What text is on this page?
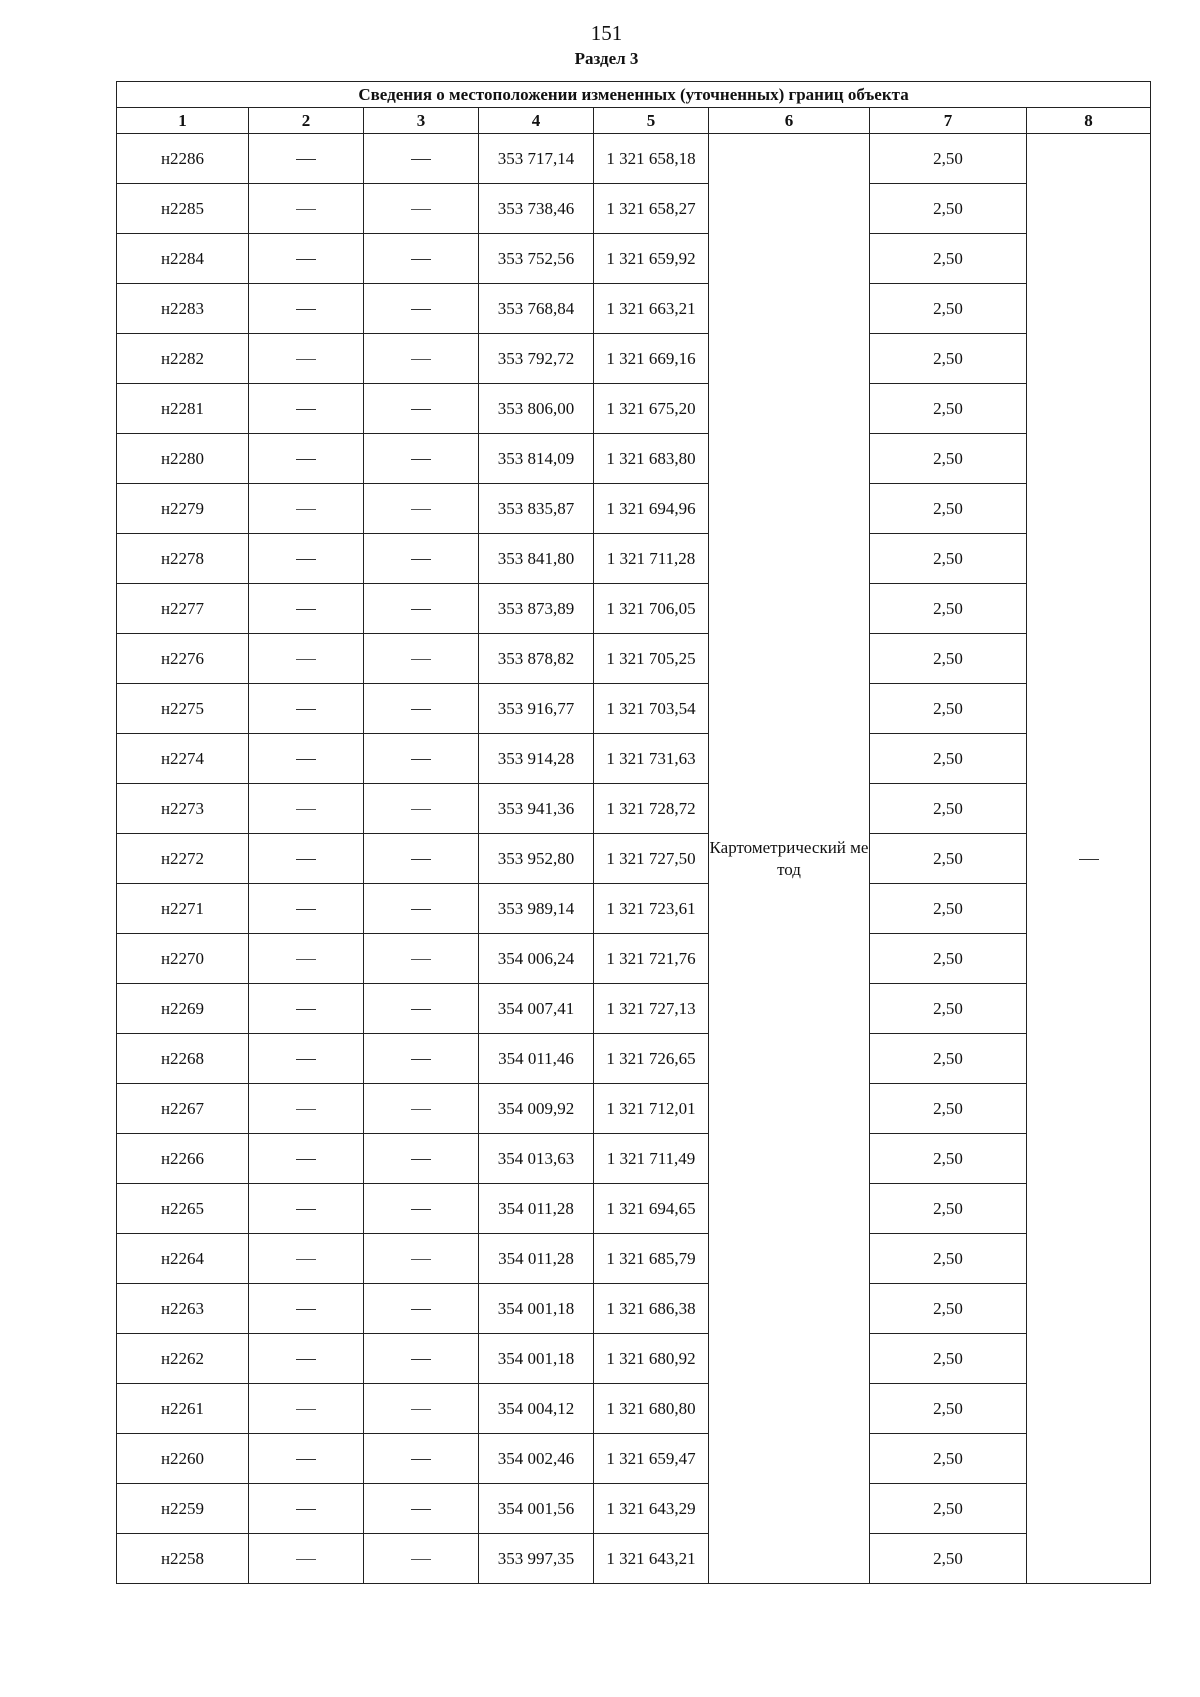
151
Раздел 3
Сведения о местоположении измененных (уточненных) границ объекта							
1	2	3	4	5	6	7	8
н2286			353 717,14	1 321 658,18	Картометрический метод	2,50	
н2285			353 738,46	1 321 658,27		2,50	
н2284			353 752,56	1 321 659,92		2,50	
н2283			353 768,84	1 321 663,21		2,50	
н2282			353 792,72	1 321 669,16		2,50	
н2281			353 806,00	1 321 675,20		2,50	
н2280			353 814,09	1 321 683,80		2,50	
н2279			353 835,87	1 321 694,96		2,50	
н2278			353 841,80	1 321 711,28		2,50	
н2277			353 873,89	1 321 706,05		2,50	
н2276			353 878,82	1 321 705,25		2,50	
н2275			353 916,77	1 321 703,54		2,50	
н2274			353 914,28	1 321 731,63		2,50	
н2273			353 941,36	1 321 728,72		2,50	
н2272			353 952,80	1 321 727,50		2,50	
н2271			353 989,14	1 321 723,61		2,50	
н2270			354 006,24	1 321 721,76		2,50	
н2269			354 007,41	1 321 727,13		2,50	
н2268			354 011,46	1 321 726,65		2,50	
н2267			354 009,92	1 321 712,01		2,50	
н2266			354 013,63	1 321 711,49		2,50	
н2265			354 011,28	1 321 694,65		2,50	
н2264			354 011,28	1 321 685,79		2,50	
н2263			354 001,18	1 321 686,38		2,50	
н2262			354 001,18	1 321 680,92		2,50	
н2261			354 004,12	1 321 680,80		2,50	
н2260			354 002,46	1 321 659,47		2,50	
н2259			354 001,56	1 321 643,29		2,50	
н2258			353 997,35	1 321 643,21		2,50	
